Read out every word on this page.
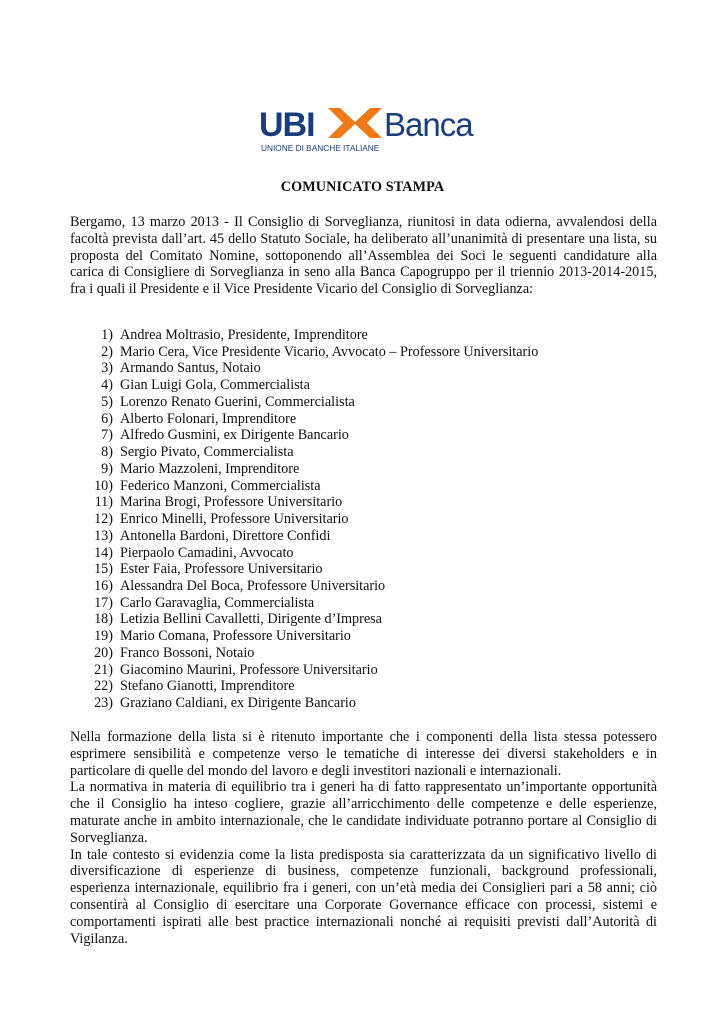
UBI Banca
UNIONE DI BANCHE ITALIANE
COMUNICATO STAMPA

Bergamo, 13 marzo 2013 - Il Consiglio di Sorveglianza, riunitosi in data odierna, avvalendosi della facoltà prevista dall’art. 45 dello Statuto Sociale, ha deliberato all’unanimità di presentare una lista, su proposta del Comitato Nomine, sottoponendo all’Assemblea dei Soci le seguenti candidature alla carica di Consigliere di Sorveglianza in seno alla Banca Capogruppo per il triennio 2013-2014-2015, fra i quali il Presidente e il Vice Presidente Vicario del Consiglio di Sorveglianza:

1) Andrea Moltrasio, Presidente, Imprenditore
2) Mario Cera, Vice Presidente Vicario, Avvocato – Professore Universitario
3) Armando Santus, Notaio
4) Gian Luigi Gola, Commercialista
5) Lorenzo Renato Guerini, Commercialista
6) Alberto Folonari, Imprenditore
7) Alfredo Gusmini, ex Dirigente Bancario
8) Sergio Pivato, Commercialista
9) Mario Mazzoleni, Imprenditore
10) Federico Manzoni, Commercialista
11) Marina Brogi, Professore Universitario
12) Enrico Minelli, Professore Universitario
13) Antonella Bardoni, Direttore Confidi
14) Pierpaolo Camadini, Avvocato
15) Ester Faia, Professore Universitario
16) Alessandra Del Boca, Professore Universitario
17) Carlo Garavaglia, Commercialista
18) Letizia Bellini Cavalletti, Dirigente d’Impresa
19) Mario Comana, Professore Universitario
20) Franco Bossoni, Notaio
21) Giacomino Maurini, Professore Universitario
22) Stefano Gianotti, Imprenditore
23) Graziano Caldiani, ex Dirigente Bancario

Nella formazione della lista si è ritenuto importante che i componenti della lista stessa potessero esprimere sensibilità e competenze verso le tematiche di interesse dei diversi stakeholders e in particolare di quelle del mondo del lavoro e degli investitori nazionali e internazionali.

La normativa in materia di equilibrio tra i generi ha di fatto rappresentato un’importante opportunità che il Consiglio ha inteso cogliere, grazie all’arricchimento delle competenze e delle esperienze, maturate anche in ambito internazionale, che le candidate individuate potranno portare al Consiglio di Sorveglianza.

In tale contesto si evidenzia come la lista predisposta sia caratterizzata da un significativo livello di diversificazione di esperienze di business, competenze funzionali, background professionali, esperienza internazionale, equilibrio fra i generi, con un’età media dei Consiglieri pari a 58 anni; ciò consentirà al Consiglio di esercitare una Corporate Governance efficace con processi, sistemi e comportamenti ispirati alle best practice internazionali nonché ai requisiti previsti dall’Autorità di Vigilanza.
